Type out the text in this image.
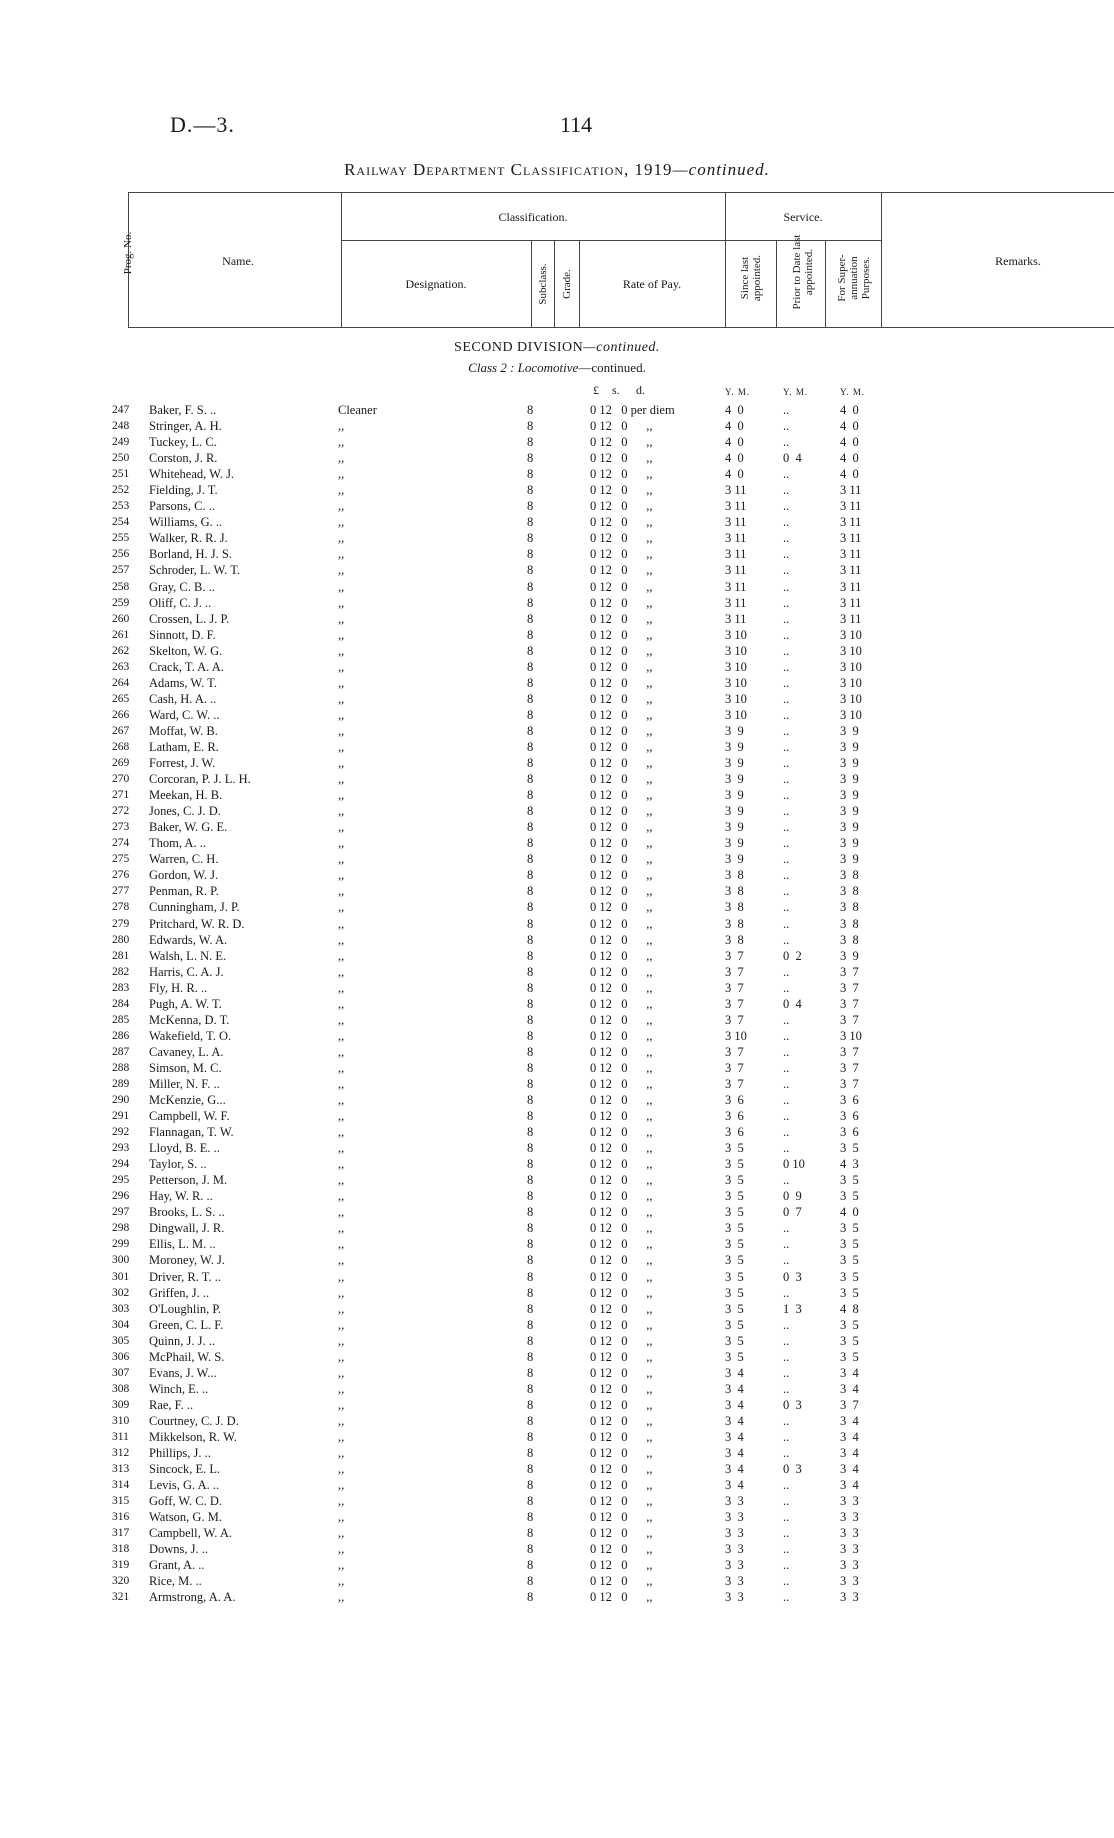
D.—3.	114
Railway Department Classification, 1919—continued.
Prog. No.	Name.
Classification.
Designation.	Subclass. Grade.	Rate of Pay.
Service.
Since last appointed.	Prior to Date last appointed. For Super-annuation Purposes.	Remarks.
SECOND DIVISION—continued.
Class 2 : Locomotive—continued.
£ s. d.	Y. M.	Y. M.	Y. M.
247	Baker, F. S. ..	Cleaner	8	0 12   0 per diem	4  0	..	4  0
248	Stringer, A. H.	,,	8	0 12   0      ,,	4  0	..	4  0
249	Tuckey, L. C.	,,	8	0 12   0      ,,	4  0	..	4  0
250	Corston, J. R.	,,	8	0 12   0      ,,	4  0	0  4	4  0
251	Whitehead, W. J.	,,	8	0 12   0      ,,	4  0	..	4  0
252	Fielding, J. T.	,,	8	0 12   0      ,,	3 11	..	3 11
253	Parsons, C. ..	,,	8	0 12   0      ,,	3 11	..	3 11
254	Williams, G. ..	,,	8	0 12   0      ,,	3 11	..	3 11
255	Walker, R. R. J.	,,	8	0 12   0      ,,	3 11	..	3 11
256	Borland, H. J. S.	,,	8	0 12   0      ,,	3 11	..	3 11
257	Schroder, L. W. T.	,,	8	0 12   0      ,,	3 11	..	3 11
258	Gray, C. B. ..	,,	8	0 12   0      ,,	3 11	..	3 11
259	Oliff, C. J. ..	,,	8	0 12   0      ,,	3 11	..	3 11
260	Crossen, L. J. P.	,,	8	0 12   0      ,,	3 11	..	3 11
261	Sinnott, D. F.	,,	8	0 12   0      ,,	3 10	..	3 10
262	Skelton, W. G.	,,	8	0 12   0      ,,	3 10	..	3 10
263	Crack, T. A. A.	,,	8	0 12   0      ,,	3 10	..	3 10
264	Adams, W. T.	,,	8	0 12   0      ,,	3 10	..	3 10
265	Cash, H. A. ..	,,	8	0 12   0      ,,	3 10	..	3 10
266	Ward, C. W. ..	,,	8	0 12   0      ,,	3 10	..	3 10
267	Moffat, W. B.	,,	8	0 12   0      ,,	3  9	..	3  9
268	Latham, E. R.	,,	8	0 12   0      ,,	3  9	..	3  9
269	Forrest, J. W.	,,	8	0 12   0      ,,	3  9	..	3  9
270	Corcoran, P. J. L. H.	,,	8	0 12   0      ,,	3  9	..	3  9
271	Meekan, H. B.	,,	8	0 12   0      ,,	3  9	..	3  9
272	Jones, C. J. D.	,,	8	0 12   0      ,,	3  9	..	3  9
273	Baker, W. G. E.	,,	8	0 12   0      ,,	3  9	..	3  9
274	Thom, A. ..	,,	8	0 12   0      ,,	3  9	..	3  9
275	Warren, C. H.	,,	8	0 12   0      ,,	3  9	..	3  9
276	Gordon, W. J.	,,	8	0 12   0      ,,	3  8	..	3  8
277	Penman, R. P.	,,	8	0 12   0      ,,	3  8	..	3  8
278	Cunningham, J. P.	,,	8	0 12   0      ,,	3  8	..	3  8
279	Pritchard, W. R. D.	,,	8	0 12   0      ,,	3  8	..	3  8
280	Edwards, W. A.	,,	8	0 12   0      ,,	3  8	..	3  8
281	Walsh, L. N. E.	,,	8	0 12   0      ,,	3  7	0  2	3  9
282	Harris, C. A. J.	,,	8	0 12   0      ,,	3  7	..	3  7
283	Fly, H. R. ..	,,	8	0 12   0      ,,	3  7	..	3  7
284	Pugh, A. W. T.	,,	8	0 12   0      ,,	3  7	0  4	3  7
285	McKenna, D. T.	,,	8	0 12   0      ,,	3  7	..	3  7
286	Wakefield, T. O.	,,	8	0 12   0      ,,	3 10	..	3 10
287	Cavaney, L. A.	,,	8	0 12   0      ,,	3  7	..	3  7
288	Simson, M. C.	,,	8	0 12   0      ,,	3  7	..	3  7
289	Miller, N. F. ..	,,	8	0 12   0      ,,	3  7	..	3  7
290	McKenzie, G...	,,	8	0 12   0      ,,	3  6	..	3  6
291	Campbell, W. F.	,,	8	0 12   0      ,,	3  6	..	3  6
292	Flannagan, T. W.	,,	8	0 12   0      ,,	3  6	..	3  6
293	Lloyd, B. E. ..	,,	8	0 12   0      ,,	3  5	..	3  5
294	Taylor, S. ..	,,	8	0 12   0      ,,	3  5	0 10	4  3
295	Petterson, J. M.	,,	8	0 12   0      ,,	3  5	..	3  5
296	Hay, W. R. ..	,,	8	0 12   0      ,,	3  5	0  9	3  5
297	Brooks, L. S. ..	,,	8	0 12   0      ,,	3  5	0  7	4  0
298	Dingwall, J. R.	,,	8	0 12   0      ,,	3  5	..	3  5
299	Ellis, L. M. ..	,,	8	0 12   0      ,,	3  5	..	3  5
300	Moroney, W. J.	,,	8	0 12   0      ,,	3  5	..	3  5
301	Driver, R. T. ..	,,	8	0 12   0      ,,	3  5	0  3	3  5
302	Griffen, J. ..	,,	8	0 12   0      ,,	3  5	..	3  5
303	O'Loughlin, P.	,,	8	0 12   0      ,,	3  5	1  3	4  8
304	Green, C. L. F.	,,	8	0 12   0      ,,	3  5	..	3  5
305	Quinn, J. J. ..	,,	8	0 12   0      ,,	3  5	..	3  5
306	McPhail, W. S.	,,	8	0 12   0      ,,	3  5	..	3  5
307	Evans, J. W...	,,	8	0 12   0      ,,	3  4	..	3  4
308	Winch, E. ..	,,	8	0 12   0      ,,	3  4	..	3  4
309	Rae, F. ..	,,	8	0 12   0      ,,	3  4	0  3	3  7
310	Courtney, C. J. D.	,,	8	0 12   0      ,,	3  4	..	3  4
311	Mikkelson, R. W.	,,	8	0 12   0      ,,	3  4	..	3  4
312	Phillips, J. ..	,,	8	0 12   0      ,,	3  4	..	3  4
313	Sincock, E. L.	,,	8	0 12   0      ,,	3  4	0  3	3  4
314	Levis, G. A. ..	,,	8	0 12   0      ,,	3  4	..	3  4
315	Goff, W. C. D.	,,	8	0 12   0      ,,	3  3	..	3  3
316	Watson, G. M.	,,	8	0 12   0      ,,	3  3	..	3  3
317	Campbell, W. A.	,,	8	0 12   0      ,,	3  3	..	3  3
318	Downs, J. ..	,,	8	0 12   0      ,,	3  3	..	3  3
319	Grant, A. ..	,,	8	0 12   0      ,,	3  3	..	3  3
320	Rice, M. ..	,,	8	0 12   0      ,,	3  3	..	3  3
321	Armstrong, A. A.	,,	8	0 12   0      ,,	3  3	..	3  3
